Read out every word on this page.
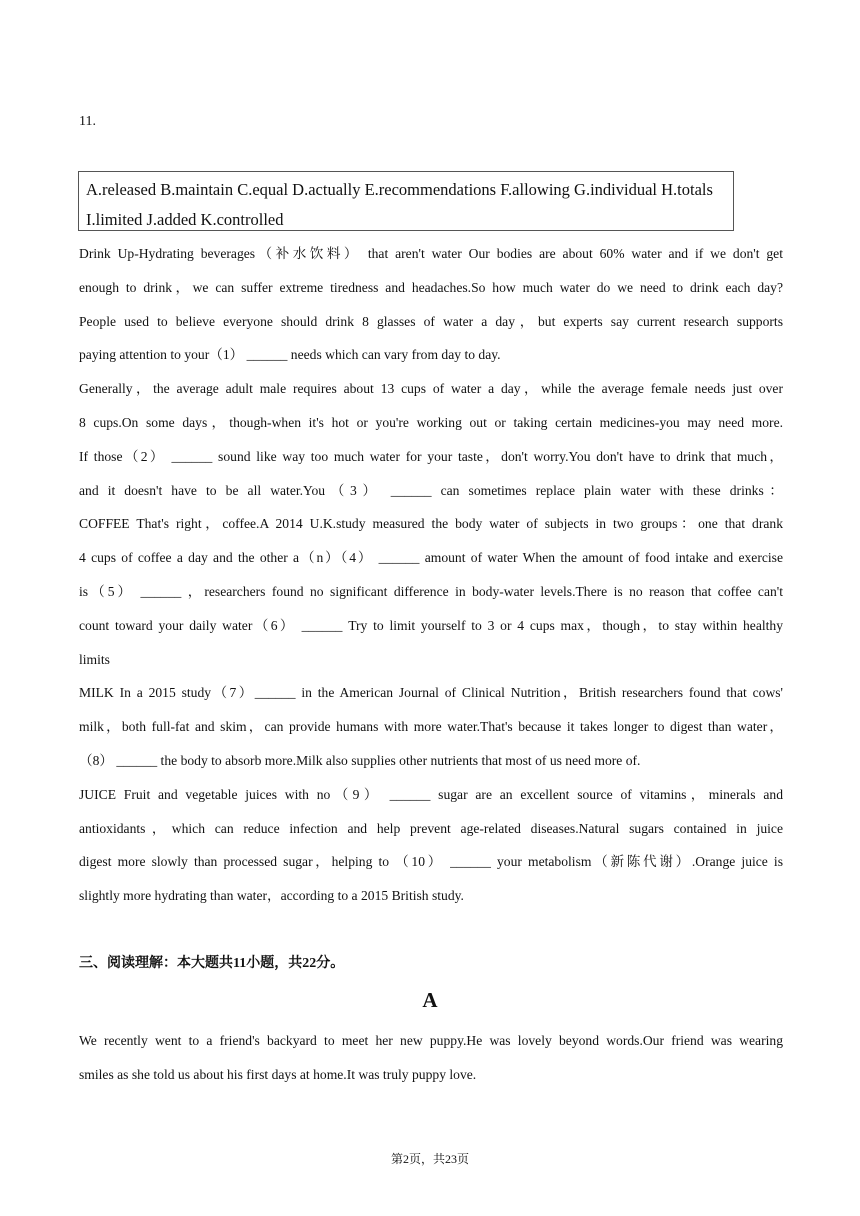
11.
A.released B.maintain C.equal D.actually E.recommendations F.allowing G.individual H.totals
I.limited J.added K.controlled
Drink Up-Hydrating beverages（补水饮料） that aren't water Our bodies are about 60% water and if we don't get
enough to drink，we can suffer extreme tiredness and headaches.So how much water do we need to drink each day?
People used to believe everyone should drink 8 glasses of water a day，but experts say current research supports
paying attention to your（1） ______ needs which can vary from day to day.
Generally，the average adult male requires about 13 cups of water a day，while the average female needs just over
8 cups.On some days，though-when it's hot or you're working out or taking certain medicines-you may need more.
If those（2） ______ sound like way too much water for your taste，don't worry.You don't have to drink that much，
and it doesn't have to be all water.You（3） ______ can sometimes replace plain water with these drinks：
COFFEE That's right，coffee.A 2014 U.K.study measured the body water of subjects in two groups：one that drank
4 cups of coffee a day and the other a（n）（4） ______ amount of water When the amount of food intake and exercise
is（5） ______ ，researchers found no significant difference in body-water levels.There is no reason that coffee can't
count toward your daily water（6） ______ Try to limit yourself to 3 or 4 cups max，though，to stay within healthy
limits
MILK In a 2015 study（7）______ in the American Journal of Clinical Nutrition，British researchers found that cows'
milk，both full-fat and skim，can provide humans with more water.That's because it takes longer to digest than water，
（8） ______ the body to absorb more.Milk also supplies other nutrients that most of us need more of.
JUICE Fruit and vegetable juices with no（9） ______ sugar are an excellent source of vitamins，minerals and
antioxidants，which can reduce infection and help prevent age-related diseases.Natural sugars contained in juice
digest more slowly than processed sugar，helping to （10） ______ your metabolism（新陈代谢）.Orange juice is
slightly more hydrating than water，according to a 2015 British study.
三、阅读理解：本大题共11小题，共22分。
A
We recently went to a friend's backyard to meet her new puppy.He was lovely beyond words.Our friend was wearing
smiles as she told us about his first days at home.It was truly puppy love.
第2页，共23页
